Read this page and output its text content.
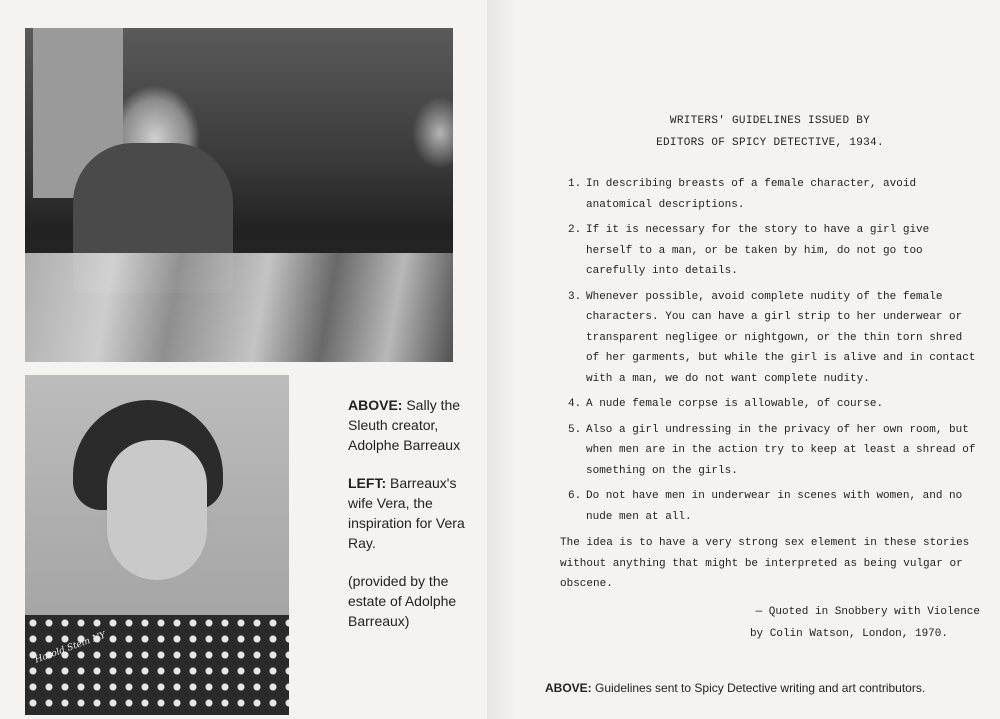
Harold Stein NY

ABOVE: Sally the Sleuth creator, Adolphe Barreaux

LEFT: Barreaux's wife Vera, the inspiration for Vera Ray.

(provided by the estate of Adolphe Barreaux)

WRITERS' GUIDELINES ISSUED BY
EDITORS OF SPICY DETECTIVE, 1934.
1. In describing breasts of a female character, avoid anatomical descriptions.
2. If it is necessary for the story to have a girl give herself to a man, or be taken by him, do not go too carefully into details.
3. Whenever possible, avoid complete nudity of the female characters. You can have a girl strip to her underwear or transparent negligee or nightgown, or the thin torn shred of her garments, but while the girl is alive and in contact with a man, we do not want complete nudity.
4. A nude female corpse is allowable, of course.
5. Also a girl undressing in the privacy of her own room, but when men are in the action try to keep at least a shread of something on the girls.
6. Do not have men in underwear in scenes with women, and no nude men at all.
The idea is to have a very strong sex element in these stories without anything that might be interpreted as being vulgar or obscene.
— Quoted in Snobbery with Violence
by Colin Watson, London, 1970.
ABOVE: Guidelines sent to Spicy Detective writing and art contributors.
